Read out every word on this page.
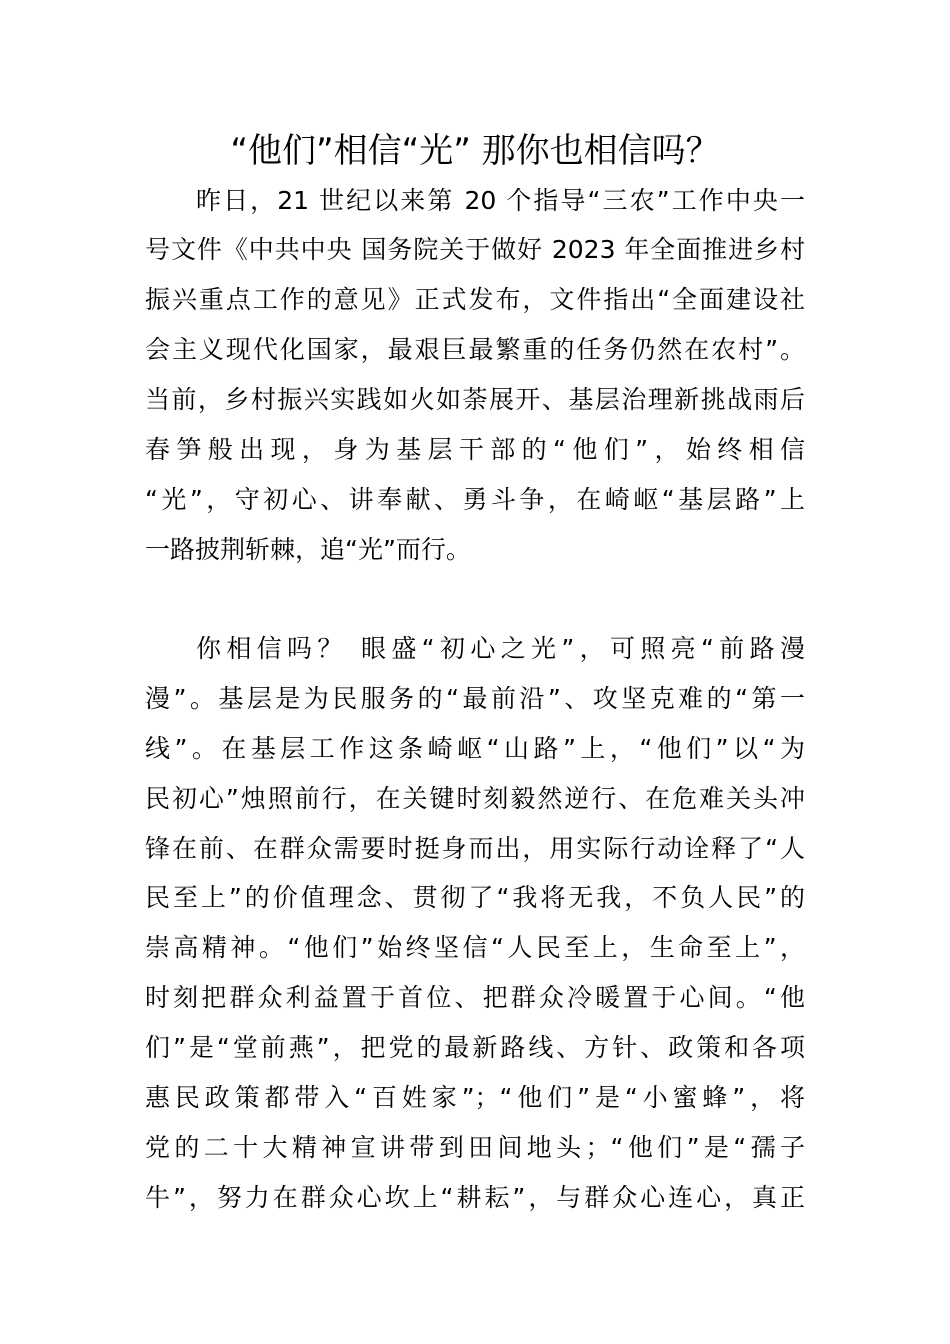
“他们”相信“光” 那你也相信吗？
昨日，21 世纪以来第 20 个指导“三农”工作中央一
号文件《中共中央 国务院关于做好 2023 年全面推进乡村
振兴重点工作的意见》正式发布，文件指出“全面建设社
会主义现代化国家，最艰巨最繁重的任务仍然在农村”。
当前，乡村振兴实践如火如荼展开、基层治理新挑战雨后
春笋般出现，身为基层干部的“他们”，始终相信
“光”，守初心、讲奉献、勇斗争，在崎岖“基层路”上
一路披荆斩棘，追“光”而行。
你相信吗？ 眼盛“初心之光”，可照亮“前路漫
漫”。基层是为民服务的“最前沿”、攻坚克难的“第一
线”。在基层工作这条崎岖“山路”上，“他们”以“为
民初心”烛照前行，在关键时刻毅然逆行、在危难关头冲
锋在前、在群众需要时挺身而出，用实际行动诠释了“人
民至上”的价值理念、贯彻了“我将无我，不负人民”的
崇高精神。“他们”始终坚信“人民至上，生命至上”，
时刻把群众利益置于首位、把群众冷暖置于心间。“他
们”是“堂前燕”，把党的最新路线、方针、政策和各项
惠民政策都带入“百姓家”；“他们”是“小蜜蜂”，将
党的二十大精神宣讲带到田间地头；“他们”是“孺子
牛”，努力在群众心坎上“耕耘”，与群众心连心，真正
